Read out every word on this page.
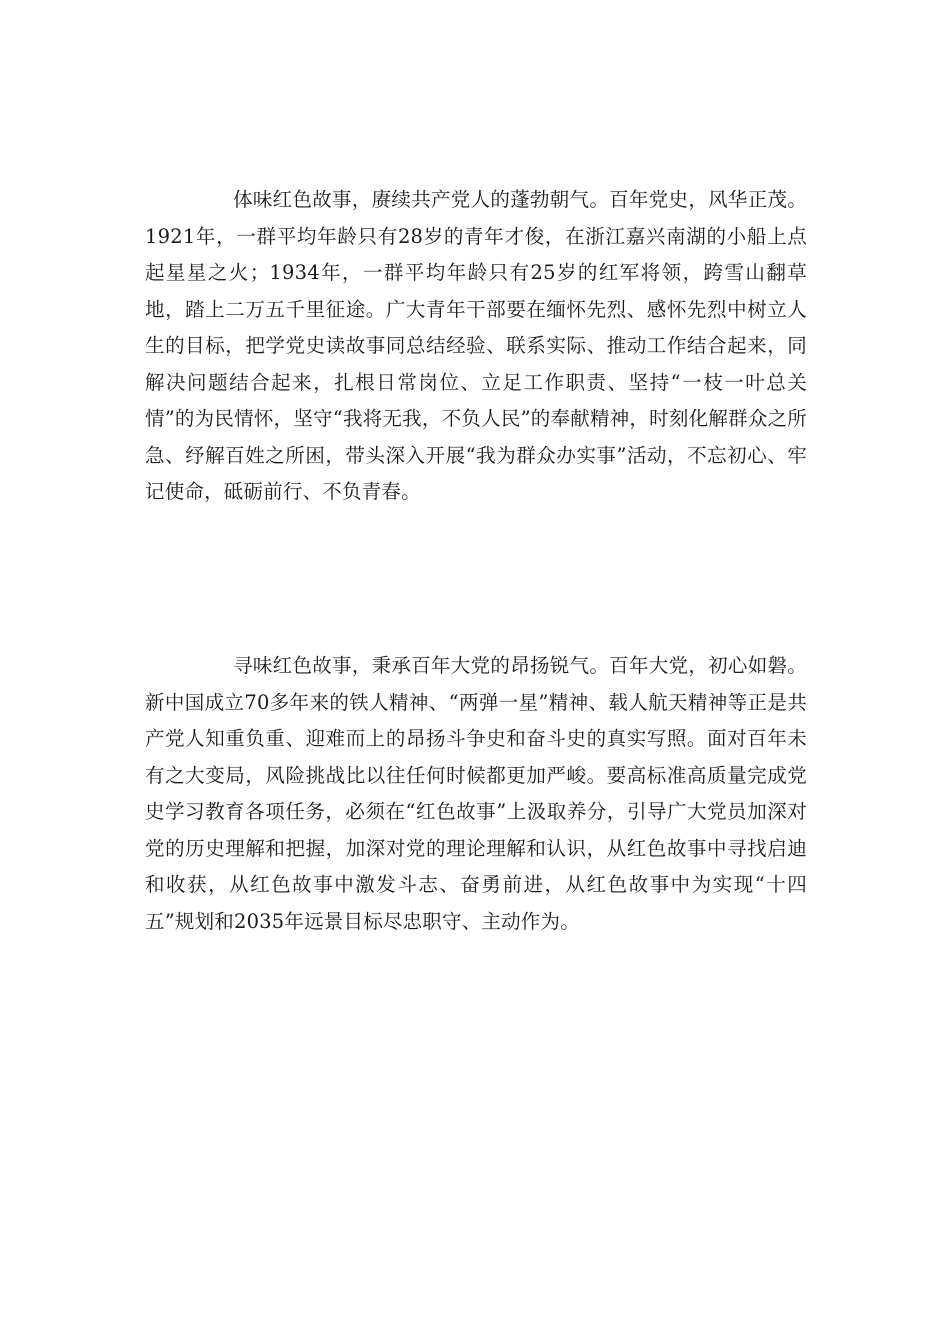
体味红色故事，赓续共产党人的蓬勃朝气。百年党史，风华正茂。1921年，一群平均年龄只有28岁的青年才俊，在浙江嘉兴南湖的小船上点起星星之火；1934年，一群平均年龄只有25岁的红军将领，跨雪山翻草地，踏上二万五千里征途。广大青年干部要在缅怀先烈、感怀先烈中树立人生的目标，把学党史读故事同总结经验、联系实际、推动工作结合起来，同解决问题结合起来，扎根日常岗位、立足工作职责、坚持“一枝一叶总关情”的为民情怀，坚守“我将无我，不负人民”的奉献精神，时刻化解群众之所急、纾解百姓之所困，带头深入开展“我为群众办实事”活动，不忘初心、牢记使命，砥砺前行、不负青春。

寻味红色故事，秉承百年大党的昂扬锐气。百年大党，初心如磐。新中国成立70多年来的铁人精神、“两弹一星”精神、载人航天精神等正是共产党人知重负重、迎难而上的昂扬斗争史和奋斗史的真实写照。面对百年未有之大变局，风险挑战比以往任何时候都更加严峻。要高标准高质量完成党史学习教育各项任务，必须在“红色故事”上汲取养分，引导广大党员加深对党的历史理解和把握，加深对党的理论理解和认识，从红色故事中寻找启迪和收获，从红色故事中激发斗志、奋勇前进，从红色故事中为实现“十四五”规划和2035年远景目标尽忠职守、主动作为。
